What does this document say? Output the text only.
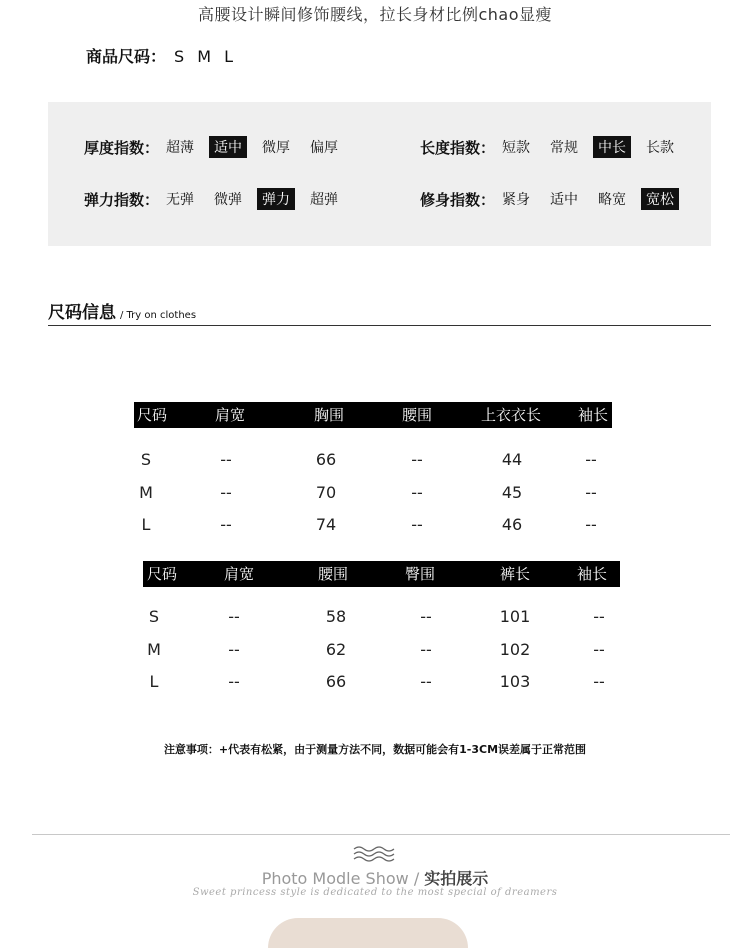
高腰设计瞬间修饰腰线，拉长身材比例chao显瘦
商品尺码： S M L
厚度指数： 超薄	适中	微厚	偏厚	长度指数： 短款	常规	中长	长款
弹力指数： 无弹	微弹	弹力	超弹	修身指数： 紧身	适中	略宽	宽松
尺码信息 / Try on clothes
尺码	肩宽	胸围	腰围	上衣衣长 袖长
S	--	66	--	44	--
M	--	70	--	45	--
L	--	74	--	46	--
尺码	肩宽	腰围	臀围	裤长	袖长
S	--	58	--	101	--
M	--	62	--	102	--
L	--	66	--	103	--
注意事项：+代表有松紧，由于测量方法不同，数据可能会有1-3CM误差属于正常范围
Photo Modle Show / 实拍展示
Sweet princess style is dedicated to the most special of dreamers
